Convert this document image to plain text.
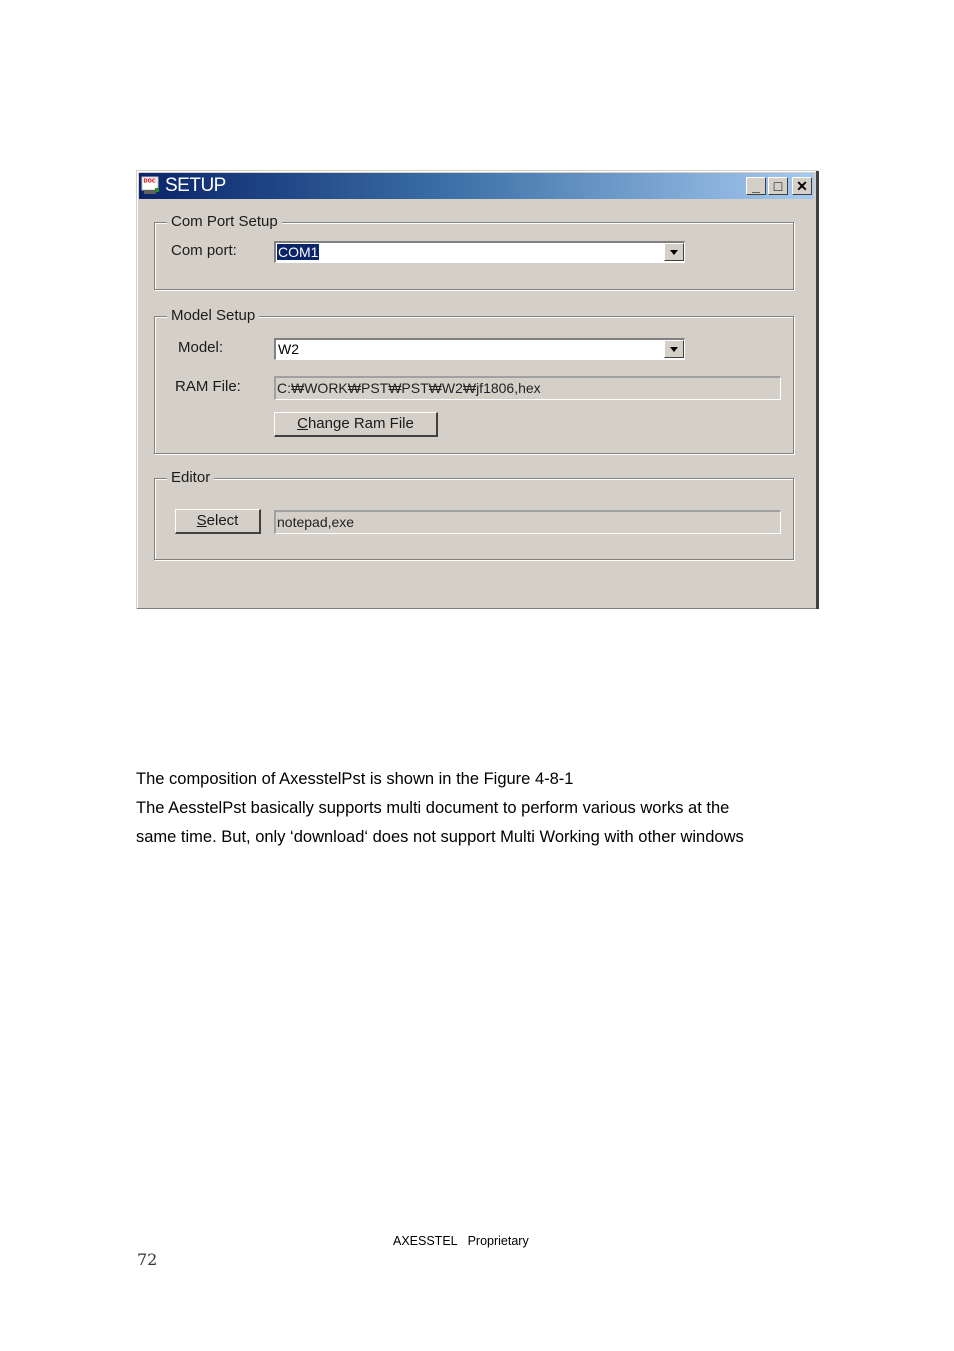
DOC SETUP	_ □ ✕
Com Port Setup
Com port:	COM1
Model Setup
Model:	W2
RAM File:	C:₩WORK₩PST₩PST₩W2₩jf1806,hex
Change Ram File
Editor
Select	notepad,exe
The composition of AxesstelPst is shown in the Figure 4-8-1
The AesstelPst basically supports multi document to perform various works at the
same time. But, only ‘download‘ does not support Multi Working with other windows
AXESSTEL   Proprietary
72
